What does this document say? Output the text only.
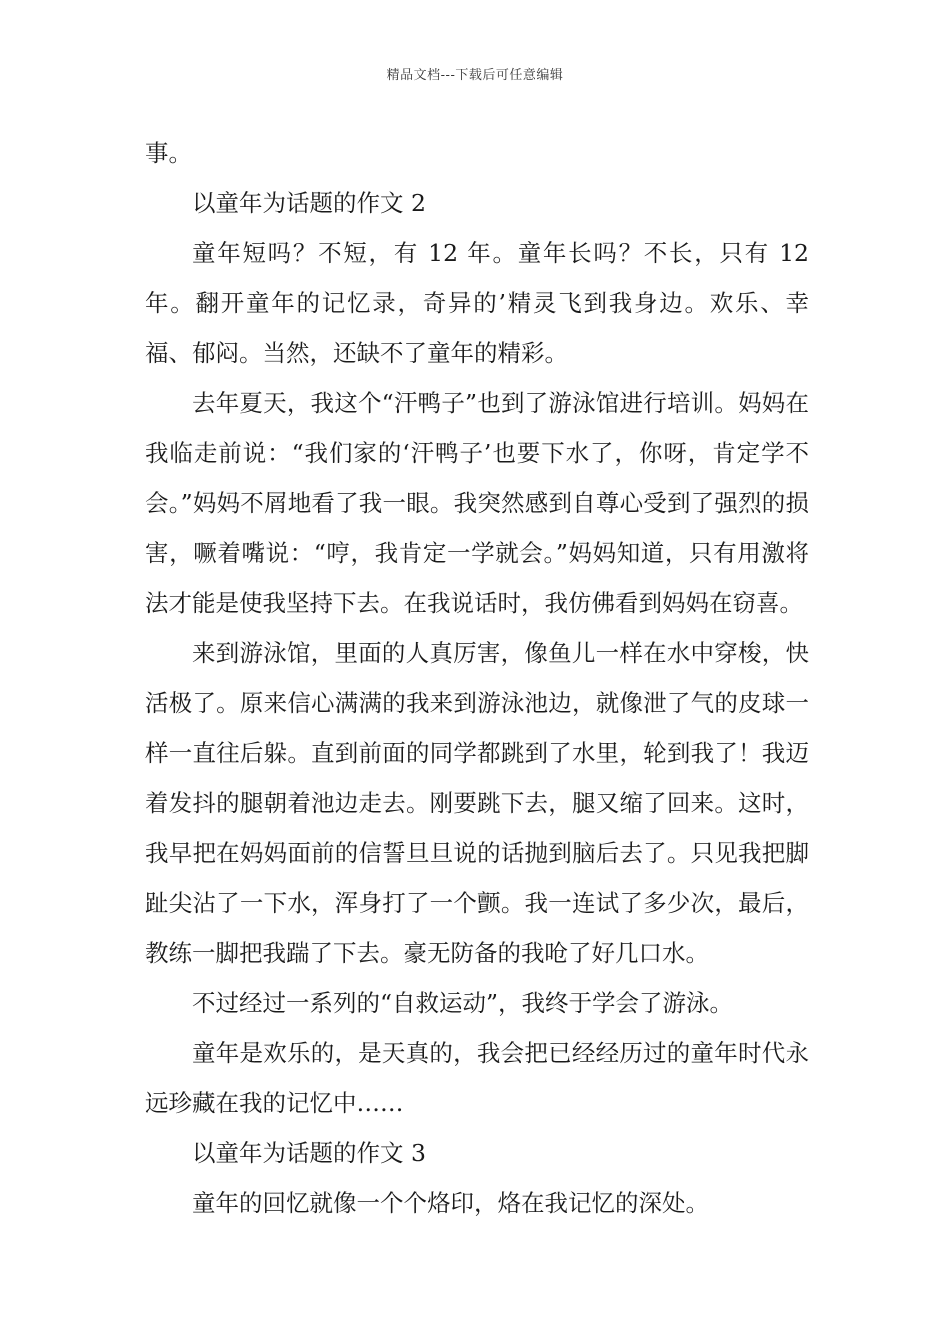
精品文档---下载后可任意编辑

事。

以童年为话题的作文 2

童年短吗？不短，有 12 年。童年长吗？不长，只有 12 年。翻开童年的记忆录，奇异的’精灵飞到我身边。欢乐、幸福、郁闷。当然，还缺不了童年的精彩。

去年夏天，我这个“汗鸭子”也到了游泳馆进行培训。妈妈在我临走前说：“我们家的‘汗鸭子’也要下水了，你呀，肯定学不会。”妈妈不屑地看了我一眼。我突然感到自尊心受到了强烈的损害，噘着嘴说：“哼，我肯定一学就会。”妈妈知道，只有用激将法才能是使我坚持下去。在我说话时，我仿佛看到妈妈在窃喜。

来到游泳馆，里面的人真厉害，像鱼儿一样在水中穿梭，快活极了。原来信心满满的我来到游泳池边，就像泄了气的皮球一样一直往后躲。直到前面的同学都跳到了水里，轮到我了！我迈着发抖的腿朝着池边走去。刚要跳下去，腿又缩了回来。这时，我早把在妈妈面前的信誓旦旦说的话抛到脑后去了。只见我把脚趾尖沾了一下水，浑身打了一个颤。我一连试了多少次，最后，教练一脚把我踹了下去。豪无防备的我呛了好几口水。

不过经过一系列的“自救运动”，我终于学会了游泳。

童年是欢乐的，是天真的，我会把已经经历过的童年时代永远珍藏在我的记忆中……

以童年为话题的作文 3

童年的回忆就像一个个烙印，烙在我记忆的深处。
